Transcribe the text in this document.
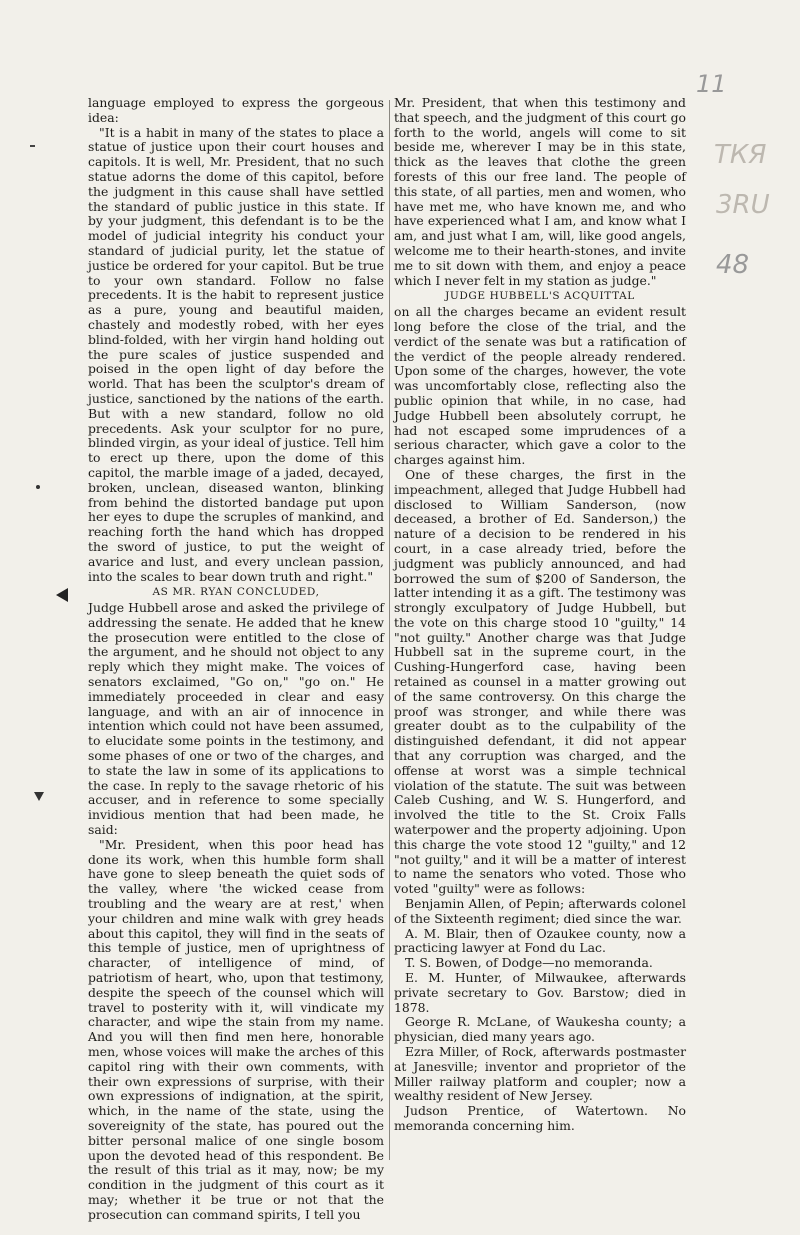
11
ТКЯ
3RU
48

language employed to express the gorgeous idea:

"It is a habit in many of the states to place a statue of justice upon their court houses and capitols. It is well, Mr. President, that no such statue adorns the dome of this capitol, before the judgment in this cause shall have settled the standard of public justice in this state. If by your judgment, this defendant is to be the model of judicial integrity his conduct your standard of judicial purity, let the statue of justice be ordered for your capitol. But be true to your own standard. Follow no false precedents. It is the habit to represent justice as a pure, young and beautiful maiden, chastely and modestly robed, with her eyes blind-folded, with her virgin hand holding out the pure scales of justice suspended and poised in the open light of day before the world. That has been the sculptor's dream of justice, sanctioned by the nations of the earth. But with a new standard, follow no old precedents. Ask your sculptor for no pure, blinded virgin, as your ideal of justice. Tell him to erect up there, upon the dome of this capitol, the marble image of a jaded, decayed, broken, unclean, diseased wanton, blinking from behind the distorted bandage put upon her eyes to dupe the scruples of mankind, and reaching forth the hand which has dropped the sword of justice, to put the weight of avarice and lust, and every unclean passion, into the scales to bear down truth and right."

AS MR. RYAN CONCLUDED,

Judge Hubbell arose and asked the privilege of addressing the senate. He added that he knew the prosecution were entitled to the close of the argument, and he should not object to any reply which they might make. The voices of senators exclaimed, "Go on," "go on." He immediately proceeded in clear and easy language, and with an air of innocence in intention which could not have been assumed, to elucidate some points in the testimony, and some phases of one or two of the charges, and to state the law in some of its applications to the case. In reply to the savage rhetoric of his accuser, and in reference to some specially invidious mention that had been made, he said:

"Mr. President, when this poor head has done its work, when this humble form shall have gone to sleep beneath the quiet sods of the valley, where 'the wicked cease from troubling and the weary are at rest,' when your children and mine walk with grey heads about this capitol, they will find in the seats of this temple of justice, men of uprightness of character, of intelligence of mind, of patriotism of heart, who, upon that testimony, despite the speech of the counsel which will travel to posterity with it, will vindicate my character, and wipe the stain from my name. And you will then find men here, honorable men, whose voices will make the arches of this capitol ring with their own comments, with their own expressions of surprise, with their own expressions of indignation, at the spirit, which, in the name of the state, using the sovereignity of the state, has poured out the bitter personal malice of one single bosom upon the devoted head of this respondent. Be the result of this trial as it may, now; be my condition in the judgment of this court as it may; whether it be true or not that the prosecution can command spirits, I tell you

Mr. President, that when this testimony and that speech, and the judgment of this court go forth to the world, angels will come to sit beside me, wherever I may be in this state, thick as the leaves that clothe the green forests of this our free land. The people of this state, of all parties, men and women, who have met me, who have known me, and who have experienced what I am, and know what I am, and just what I am, will, like good angels, welcome me to their hearth-stones, and invite me to sit down with them, and enjoy a peace which I never felt in my station as judge."

JUDGE HUBBELL'S ACQUITTAL

on all the charges became an evident result long before the close of the trial, and the verdict of the senate was but a ratification of the verdict of the people already rendered. Upon some of the charges, however, the vote was uncomfortably close, reflecting also the public opinion that while, in no case, had Judge Hubbell been absolutely corrupt, he had not escaped some imprudences of a serious character, which gave a color to the charges against him.

One of these charges, the first in the impeachment, alleged that Judge Hubbell had disclosed to William Sanderson, (now deceased, a brother of Ed. Sanderson,) the nature of a decision to be rendered in his court, in a case already tried, before the judgment was publicly announced, and had borrowed the sum of $200 of Sanderson, the latter intending it as a gift. The testimony was strongly exculpatory of Judge Hubbell, but the vote on this charge stood 10 "guilty," 14 "not guilty." Another charge was that Judge Hubbell sat in the supreme court, in the Cushing-Hungerford case, having been retained as counsel in a matter growing out of the same controversy. On this charge the proof was stronger, and while there was greater doubt as to the culpability of the distinguished defendant, it did not appear that any corruption was charged, and the offense at worst was a simple technical violation of the statute. The suit was between Caleb Cushing, and W. S. Hungerford, and involved the title to the St. Croix Falls waterpower and the property adjoining. Upon this charge the vote stood 12 "guilty," and 12 "not guilty," and it will be a matter of interest to name the senators who voted. Those who voted "guilty" were as follows:

Benjamin Allen, of Pepin; afterwards colonel of the Sixteenth regiment; died since the war.

A. M. Blair, then of Ozaukee county, now a practicing lawyer at Fond du Lac.

T. S. Bowen, of Dodge—no memoranda.

E. M. Hunter, of Milwaukee, afterwards private secretary to Gov. Barstow; died in 1878.

George R. McLane, of Waukesha county; a physician, died many years ago.

Ezra Miller, of Rock, afterwards postmaster at Janesville; inventor and proprietor of the Miller railway platform and coupler; now a wealthy resident of New Jersey.

Judson Prentice, of Watertown. No memoranda concerning him.
